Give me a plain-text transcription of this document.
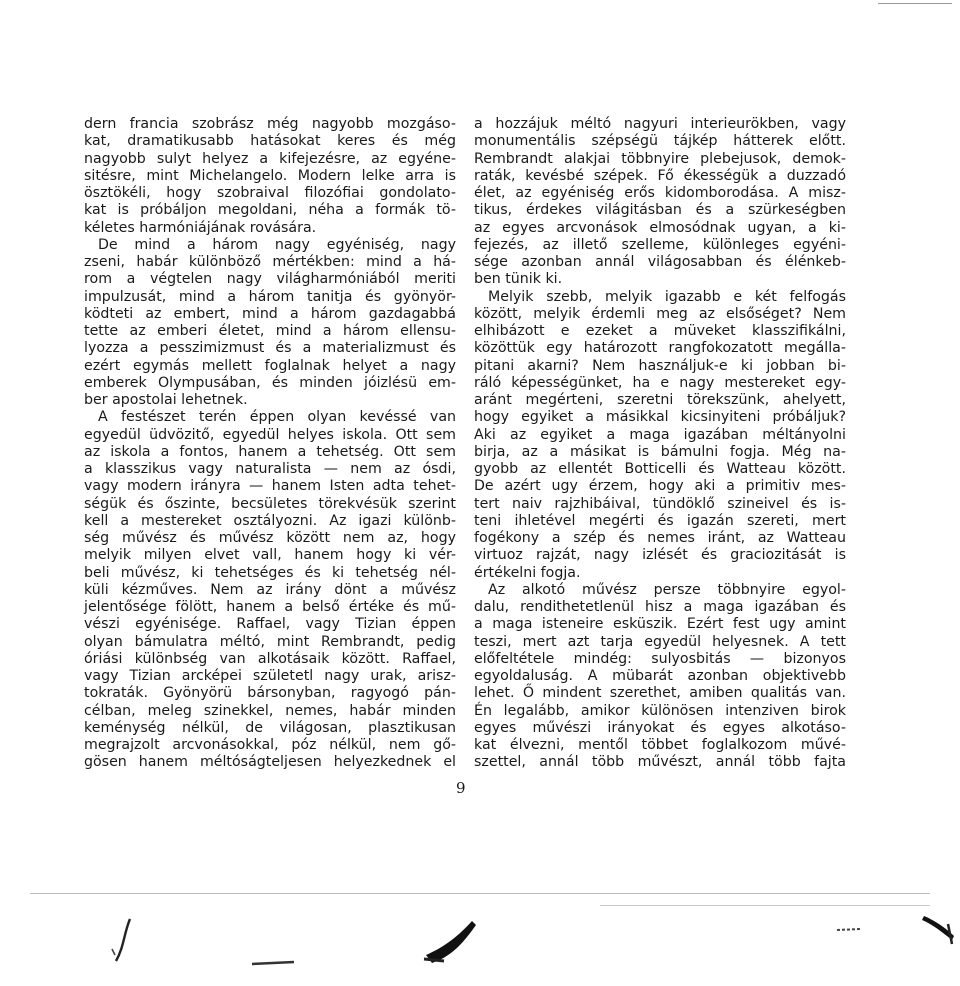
dern francia szobrász még nagyobb mozgáso-
kat, dramatikusabb hatásokat keres és még
nagyobb sulyt helyez a kifejezésre, az egyéne-
sitésre, mint Michelangelo. Modern lelke arra is
ösztökéli, hogy szobraival filozófiai gondolato-
kat is próbáljon megoldani, néha a formák tö-
kéletes harmóniájának rovására.
De mind a három nagy egyéniség, nagy
zseni, habár különböző mértékben: mind a há-
rom a végtelen nagy világharmóniából meriti
impulzusát, mind a három tanitja és gyönyör-
ködteti az embert, mind a három gazdagabbá
tette az emberi életet, mind a három ellensu-
lyozza a pesszimizmust és a materializmust és
ezért egymás mellett foglalnak helyet a nagy
emberek Olympusában, és minden jóizlésü em-
ber apostolai lehetnek.
A festészet terén éppen olyan kevéssé van
egyedül üdvözitő, egyedül helyes iskola. Ott sem
az iskola a fontos, hanem a tehetség. Ott sem
a klasszikus vagy naturalista — nem az ósdi,
vagy modern irányra — hanem Isten adta tehet-
ségük és őszinte, becsületes törekvésük szerint
kell a mestereket osztályozni. Az igazi különb-
ség művész és művész között nem az, hogy
melyik milyen elvet vall, hanem hogy ki vér-
beli művész, ki tehetséges és ki tehetség nél-
küli kézműves. Nem az irány dönt a művész
jelentősége fölött, hanem a belső értéke és mű-
vészi egyénisége. Raffael, vagy Tizian éppen
olyan bámulatra méltó, mint Rembrandt, pedig
óriási különbség van alkotásaik között. Raffael,
vagy Tizian arcképei születetl nagy urak, arisz-
tokraták. Gyönyörü bársonyban, ragyogó pán-
célban, meleg szinekkel, nemes, habár minden
keménység nélkül, de világosan, plasztikusan
megrajzolt arcvonásokkal, póz nélkül, nem gő-
gösen hanem méltóságteljesen helyezkednek el
a hozzájuk méltó nagyuri interieurökben, vagy
monumentális szépségü tájkép hátterek előtt.
Rembrandt alakjai többnyire plebejusok, demok-
raták, kevésbé szépek. Fő ékességük a duzzadó
élet, az egyéniség erős kidomborodása. A misz-
tikus, érdekes világitásban és a szürkeségben
az egyes arcvonások elmosódnak ugyan, a ki-
fejezés, az illető szelleme, különleges egyéni-
sége azonban annál világosabban és élénkeb-
ben tünik ki.
Melyik szebb, melyik igazabb e két felfogás
között, melyik érdemli meg az elsőséget? Nem
elhibázott e ezeket a müveket klasszifikálni,
közöttük egy határozott rangfokozatott megálla-
pitani akarni? Nem használjuk-e ki jobban bi-
ráló képességünket, ha e nagy mestereket egy-
aránt megérteni, szeretni törekszünk, ahelyett,
hogy egyiket a másikkal kicsinyiteni próbáljuk?
Aki az egyiket a maga igazában méltányolni
birja, az a másikat is bámulni fogja. Még na-
gyobb az ellentét Botticelli és Watteau között.
De azért ugy érzem, hogy aki a primitiv mes-
tert naiv rajzhibáival, tündöklő szineivel és is-
teni ihletével megérti és igazán szereti, mert
fogékony a szép és nemes iránt, az Watteau
virtuoz rajzát, nagy izlését és graciozitását is
értékelni fogja.
Az alkotó művész persze többnyire egyol-
dalu, rendithetetlenül hisz a maga igazában és
a maga isteneire esküszik. Ezért fest ugy amint
teszi, mert azt tarja egyedül helyesnek. A tett
előfeltétele mindég: sulyosbitás — bizonyos
egyoldaluság. A mübarát azonban objektivebb
lehet. Ő mindent szerethet, amiben qualitás van.
Én legalább, amikor különösen intenziven birok
egyes művészi irányokat és egyes alkotáso-
kat élvezni, mentől többet foglalkozom művé-
szettel, annál több művészt, annál több fajta
9
